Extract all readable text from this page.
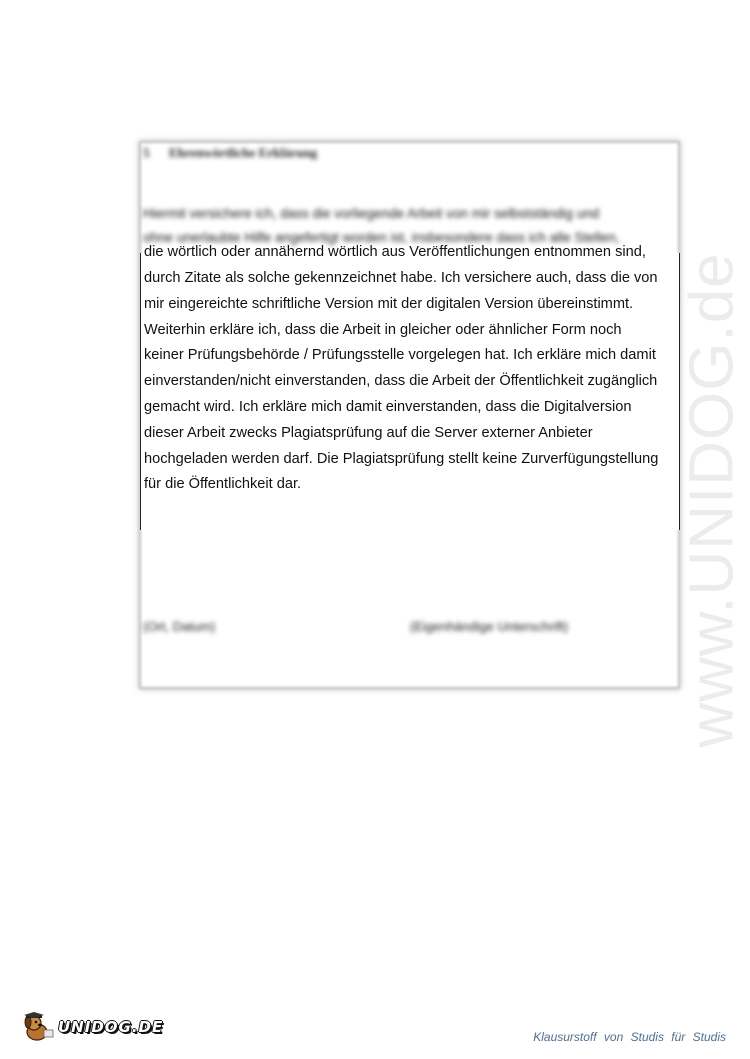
5 Ehrenwörtliche Erklärung
Hiermit versichere ich, dass die vorliegende Arbeit von mir selbstständig und
ohne unerlaubte Hilfe angefertigt worden ist, insbesondere dass ich alle Stellen,
die wörtlich oder annähernd wörtlich aus Veröffentlichungen entnommen sind,
durch Zitate als solche gekennzeichnet habe. Ich versichere auch, dass die von
mir eingereichte schriftliche Version mit der digitalen Version übereinstimmt.
Weiterhin erkläre ich, dass die Arbeit in gleicher oder ähnlicher Form noch
keiner Prüfungsbehörde / Prüfungsstelle vorgelegen hat. Ich erkläre mich damit
einverstanden/nicht einverstanden, dass die Arbeit der Öffentlichkeit zugänglich
gemacht wird. Ich erkläre mich damit einverstanden, dass die Digitalversion
dieser Arbeit zwecks Plagiatsprüfung auf die Server externer Anbieter
hochgeladen werden darf. Die Plagiatsprüfung stellt keine Zurverfügungstellung
für die Öffentlichkeit dar.
(Ort, Datum)	(Eigenhändige Unterschrift) www.UNIDOG.de
UNIDOG.DE
Klausurstoff von Studis für Studis
